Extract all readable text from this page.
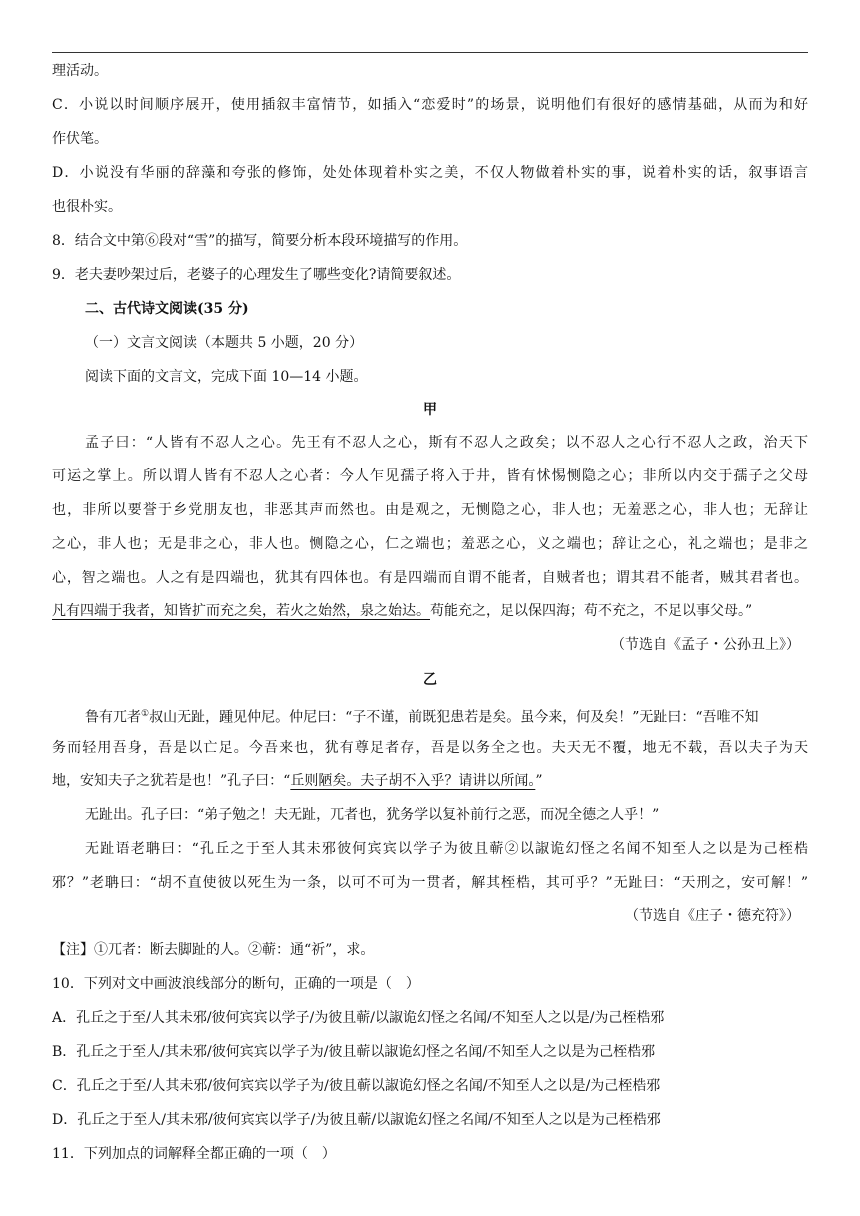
理活动。
C．小说以时间顺序展开，使用插叙丰富情节，如插入“恋爱时”的场景，说明他们有很好的感情基础，从而为和好
作伏笔。
D．小说没有华丽的辞藻和夸张的修饰，处处体现着朴实之美，不仅人物做着朴实的事，说着朴实的话，叙事语言
也很朴实。
8．结合文中第⑥段对“雪”的描写，简要分析本段环境描写的作用。
9．老夫妻吵架过后，老婆子的心理发生了哪些变化?请简要叙述。
二、古代诗文阅读(35 分)
（一）文言文阅读（本题共 5 小题，20 分）
阅读下面的文言文，完成下面 10—14 小题。
甲
孟子曰：“人皆有不忍人之心。先王有不忍人之心，斯有不忍人之政矣；以不忍人之心行不忍人之政，治天下
可运之掌上。所以谓人皆有不忍人之心者：今人乍见孺子将入于井，皆有怵惕恻隐之心；非所以内交于孺子之父母
也，非所以要誉于乡党朋友也，非恶其声而然也。由是观之，无恻隐之心，非人也；无羞恶之心，非人也；无辞让
之心，非人也；无是非之心，非人也。恻隐之心，仁之端也；羞恶之心，义之端也；辞让之心，礼之端也；是非之
心，智之端也。人之有是四端也，犹其有四体也。有是四端而自谓不能者，自贼者也；谓其君不能者，贼其君者也。
凡有四端于我者，知皆扩而充之矣，若火之始然，泉之始达。苟能充之，足以保四海；苟不充之，不足以事父母。”
（节选自《孟子・公孙丑上》）
乙
鲁有兀者①叔山无趾，踵见仲尼。仲尼曰：“子不谨，前既犯患若是矣。虽今来，何及矣！”无趾曰：“吾唯不知
务而轻用吾身，吾是以亡足。今吾来也，犹有尊足者存，吾是以务全之也。夫天无不覆，地无不载，吾以夫子为天
地，安知夫子之犹若是也！”孔子曰：“丘则陋矣。夫子胡不入乎？请讲以所闻。”
无趾出。孔子曰：“弟子勉之！夫无趾，兀者也，犹务学以复补前行之恶，而况全德之人乎！”
无趾语老聃曰：“孔丘之于至人其未邪彼何宾宾以学子为彼且蕲②以諔诡幻怪之名闻不知至人之以是为己桎梏
邪？”老聃曰：“胡不直使彼以死生为一条，以可不可为一贯者，解其桎梏，其可乎？”无趾曰：“天刑之，安可解！”
（节选自《庄子・德充符》）
【注】①兀者：断去脚趾的人。②蕲：通“祈”，求。
10．下列对文中画波浪线部分的断句，正确的一项是（　）
A．孔丘之于至/人其未邪/彼何宾宾以学子/为彼且蕲/以諔诡幻怪之名闻/不知至人之以是/为己桎梏邪
B．孔丘之于至人/其未邪/彼何宾宾以学子为/彼且蕲以諔诡幻怪之名闻/不知至人之以是为己桎梏邪
C．孔丘之于至/人其未邪/彼何宾宾以学子为/彼且蕲以諔诡幻怪之名闻/不知至人之以是/为己桎梏邪
D．孔丘之于至人/其未邪/彼何宾宾以学子/为彼且蕲/以諔诡幻怪之名闻/不知至人之以是为己桎梏邪
11．下列加点的词解释全都正确的一项（　）
